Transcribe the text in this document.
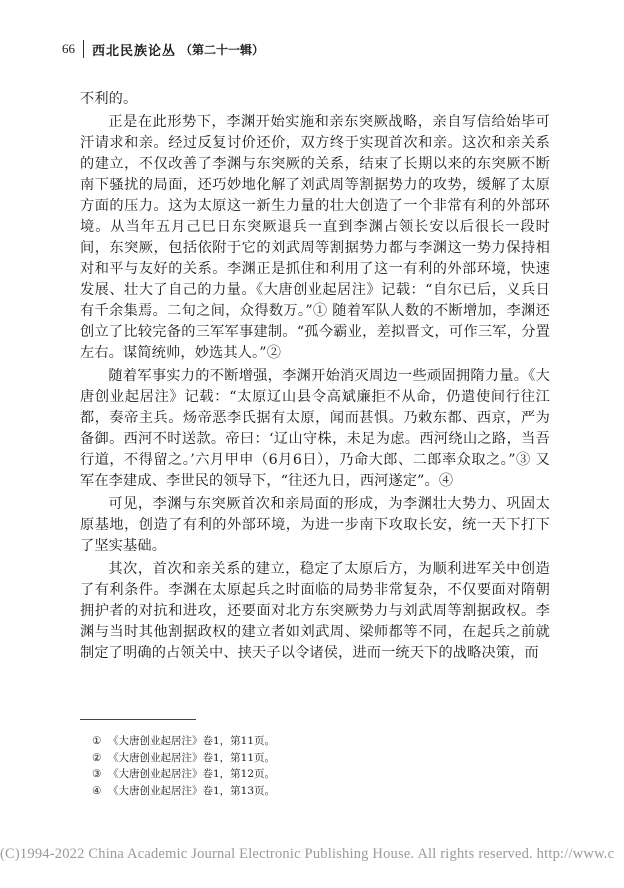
66 西北民族论丛 （第二十一辑）

不利的。

正是在此形势下，李渊开始实施和亲东突厥战略，亲自写信给始毕可汗请求和亲。经过反复讨价还价，双方终于实现首次和亲。这次和亲关系的建立，不仅改善了李渊与东突厥的关系，结束了长期以来的东突厥不断南下骚扰的局面，还巧妙地化解了刘武周等割据势力的攻势，缓解了太原方面的压力。这为太原这一新生力量的壮大创造了一个非常有利的外部环境。从当年五月己巳日东突厥退兵一直到李渊占领长安以后很长一段时间，东突厥，包括依附于它的刘武周等割据势力都与李渊这一势力保持相对和平与友好的关系。李渊正是抓住和利用了这一有利的外部环境，快速发展、壮大了自己的力量。《大唐创业起居注》记载：“自尔已后，义兵日有千余集焉。二旬之间，众得数万。”① 随着军队人数的不断增加，李渊还创立了比较完备的三军军事建制。“孤今霸业，差拟晋文，可作三军，分置左右。谋简统帅，妙选其人。”②

随着军事实力的不断增强，李渊开始消灭周边一些顽固拥隋力量。《大唐创业起居注》记载：“太原辽山县令高斌廉拒不从命，仍遣使间行往江都，奏帝主兵。炀帝恶李氏据有太原，闻而甚惧。乃敕东都、西京，严为备御。西河不时送款。帝曰：‘辽山守株，未足为虑。西河绕山之路，当吾行道，不得留之。’六月甲申（6月6日），乃命大郎、二郎率众取之。”③ 又军在李建成、李世民的领导下，“往还九日，西河遂定”。④

可见，李渊与东突厥首次和亲局面的形成，为李渊壮大势力、巩固太原基地，创造了有利的外部环境，为进一步南下攻取长安，统一天下打下了坚实基础。

其次，首次和亲关系的建立，稳定了太原后方，为顺利进军关中创造了有利条件。李渊在太原起兵之时面临的局势非常复杂，不仅要面对隋朝拥护者的对抗和进攻，还要面对北方东突厥势力与刘武周等割据政权。李渊与当时其他割据政权的建立者如刘武周、梁师都等不同，在起兵之前就制定了明确的占领关中、挟天子以令诸侯，进而一统天下的战略决策，而

① 《大唐创业起居注》卷1，第11页。
② 《大唐创业起居注》卷1，第11页。
③ 《大唐创业起居注》卷1，第12页。
④ 《大唐创业起居注》卷1，第13页。
(C)1994-2022 China Academic Journal Electronic Publishing House. All rights reserved. http://www.c
